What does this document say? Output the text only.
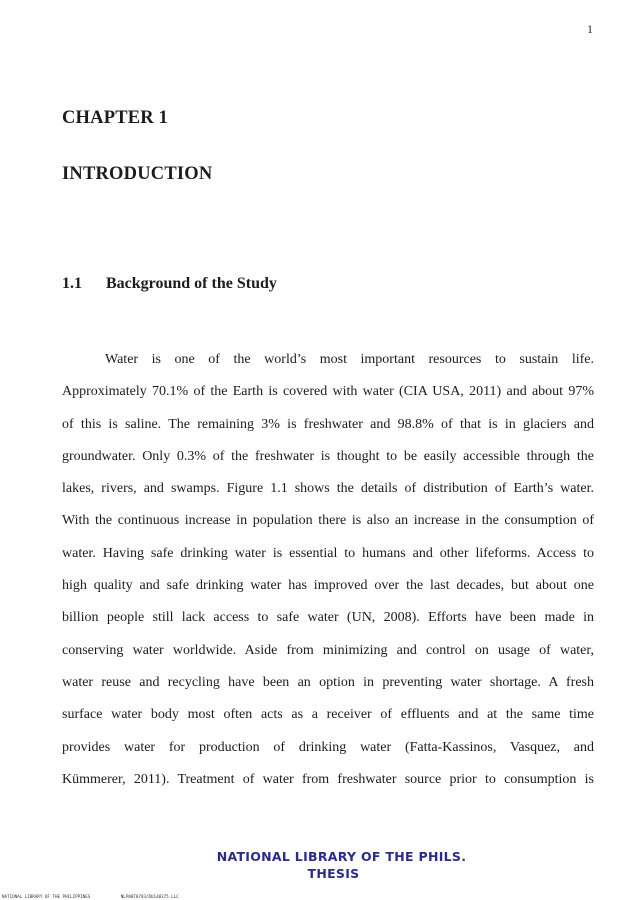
1
CHAPTER 1
INTRODUCTION
1.1	Background of the Study
Water is one of the world’s most important resources to sustain life.
Approximately 70.1% of the Earth is covered with water (CIA USA, 2011) and about 97%
of this is saline. The remaining 3% is freshwater and 98.8% of that is in glaciers and
groundwater. Only 0.3% of the freshwater is thought to be easily accessible through the
lakes, rivers, and swamps. Figure 1.1 shows the details of distribution of Earth’s water.
With the continuous increase in population there is also an increase in the consumption of
water. Having safe drinking water is essential to humans and other lifeforms. Access to
high quality and safe drinking water has improved over the last decades, but about one
billion people still lack access to safe water (UN, 2008). Efforts have been made in
conserving water worldwide. Aside from minimizing and control on usage of water,
water reuse and recycling have been an option in preventing water shortage. A fresh
surface water body most often acts as a receiver of effluents and at the same time
provides water for production of drinking water (Fatta-Kassinos, Vasquez, and
Kümmerer, 2011). Treatment of water from freshwater source prior to consumption is
NATIONAL LIBRARY OF THE PHILS.
THESIS
NATIONAL LIBRARY OF THE PHILIPPINES	NLP00T0783/DU140375.LLC
